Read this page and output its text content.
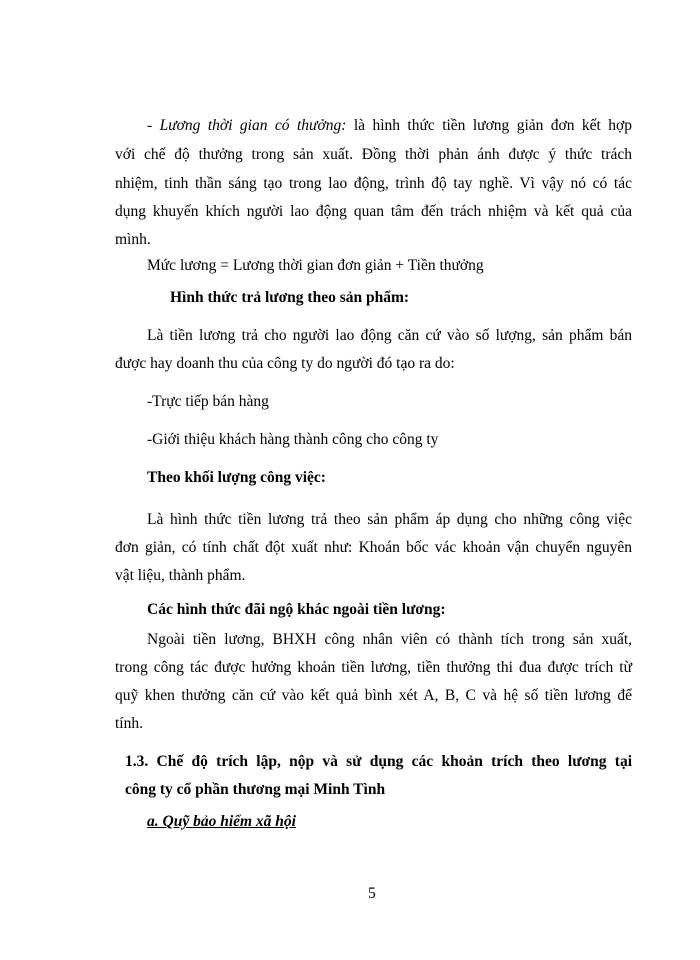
- Lương thời gian có thưởng: là hình thức tiền lương giản đơn kết hợp
với chế độ thưởng trong sản xuất. Đồng thời phản ánh được ý thức trách
nhiệm, tinh thần sáng tạo trong lao động, trình độ tay nghề. Vì vậy nó có tác
dụng khuyến khích người lao động quan tâm đến trách nhiệm và kết quả của
mình.
Mức lương = Lương thời gian đơn giản + Tiền thưởng
Hình thức trả lương theo sản phẩm:
Là tiền lương trả cho người lao động căn cứ vào số lượng, sản phẩm bán
được hay doanh thu của công ty do người đó tạo ra do:
-Trực tiếp bán hàng
-Giới thiệu khách hàng thành công cho công ty
Theo khối lượng công việc:
Là hình thức tiền lương trả theo sản phẩm áp dụng cho những công việc
đơn giản, có tính chất đột xuất như: Khoán bốc vác khoản vận chuyển nguyên
vật liệu, thành phẩm.
Các hình thức đãi ngộ khác ngoài tiền lương:
Ngoài tiền lương, BHXH công nhân viên có thành tích trong sản xuất,
trong công tác được hưởng khoản tiền lương, tiền thưởng thi đua được trích từ
quỹ khen thưởng căn cứ vào kết quả bình xét A, B, C và hệ số tiền lương để
tính.
1.3. Chế độ trích lập, nộp và sử dụng các khoản trích theo lương tại
công ty cổ phần thương mại Minh Tình
a. Quỹ bảo hiểm xã hội
5
